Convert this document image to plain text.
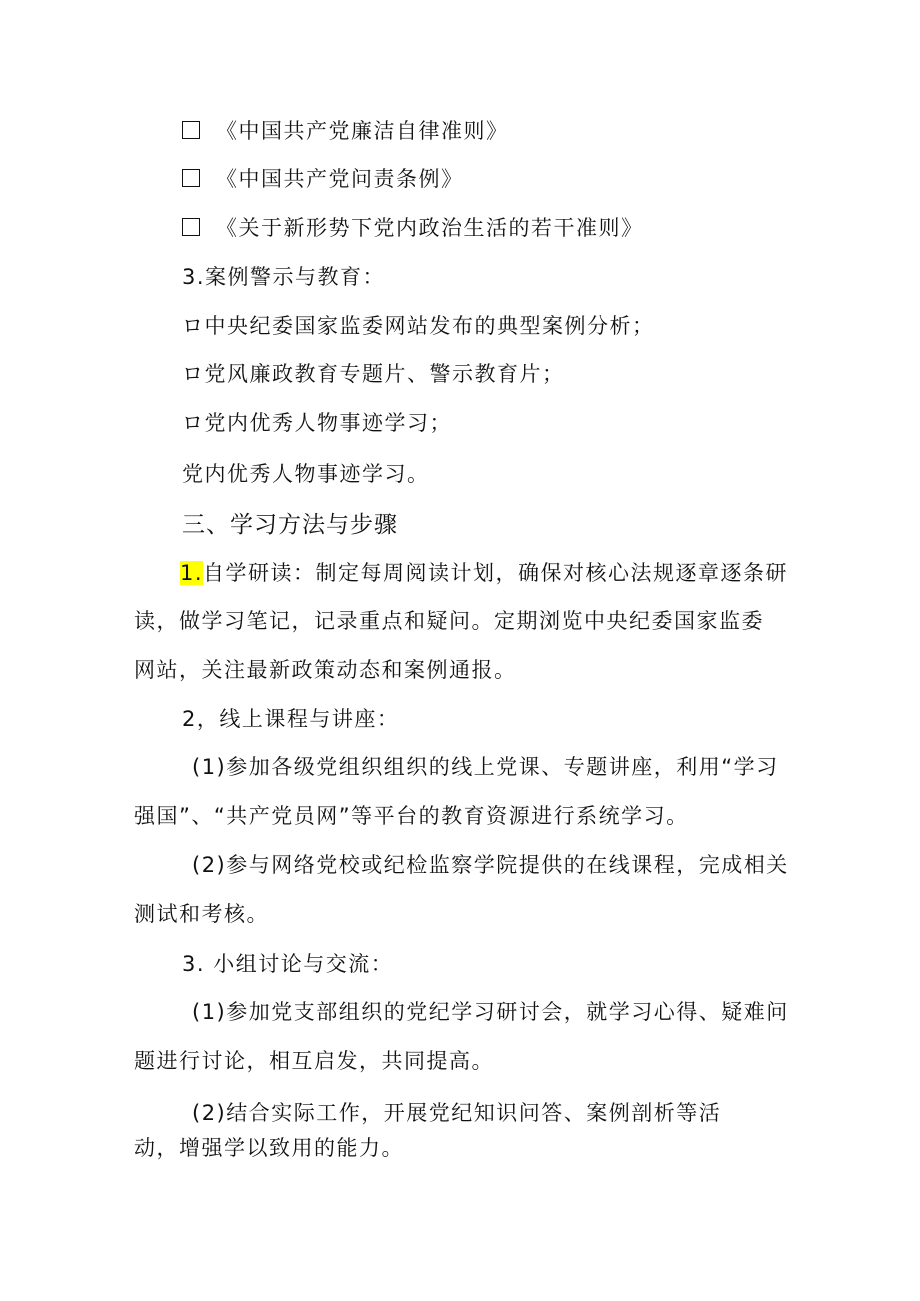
《中国共产党廉洁自律准则》
《中国共产党问责条例》
《关于新形势下党内政治生活的若干准则》
3.案例警示与教育：
ロ中央纪委国家监委网站发布的典型案例分析；
ロ党风廉政教育专题片、警示教育片；
ロ党内优秀人物事迹学习；
党内优秀人物事迹学习。
三、学习方法与步骤
1.自学研读：制定每周阅读计划，确保对核心法规逐章逐条研
读，做学习笔记，记录重点和疑问。定期浏览中央纪委国家监委
网站，关注最新政策动态和案例通报。
2，线上课程与讲座：
(1)参加各级党组织组织的线上党课、专题讲座，利用“学习
强国”、“共产党员网”等平台的教育资源进行系统学习。
(2)参与网络党校或纪检监察学院提供的在线课程，完成相关
测试和考核。
3. 小组讨论与交流：
(1)参加党支部组织的党纪学习研讨会，就学习心得、疑难问
题进行讨论，相互启发，共同提高。
(2)结合实际工作，开展党纪知识问答、案例剖析等活
动，增强学以致用的能力。
